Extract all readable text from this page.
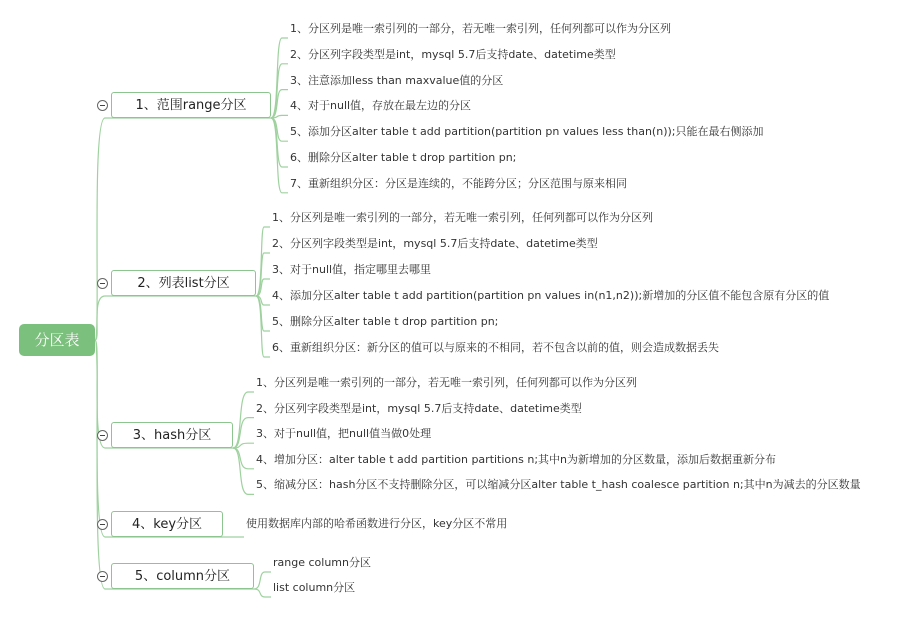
分区表
1、范围range分区
1、分区列是唯一索引列的一部分，若无唯一索引列，任何列都可以作为分区列
2、分区列字段类型是int，mysql 5.7后支持date、datetime类型
3、注意添加less than maxvalue值的分区
4、对于null值，存放在最左边的分区
5、添加分区alter table t add partition(partition pn values less than(n));只能在最右侧添加
6、删除分区alter table t drop partition pn;
7、重新组织分区：分区是连续的，不能跨分区；分区范围与原来相同
2、列表list分区
1、分区列是唯一索引列的一部分，若无唯一索引列，任何列都可以作为分区列
2、分区列字段类型是int，mysql 5.7后支持date、datetime类型
3、对于null值，指定哪里去哪里
4、添加分区alter table t add partition(partition pn values in(n1,n2));新增加的分区值不能包含原有分区的值
5、删除分区alter table t drop partition pn;
6、重新组织分区：新分区的值可以与原来的不相同，若不包含以前的值，则会造成数据丢失
3、hash分区
1、分区列是唯一索引列的一部分，若无唯一索引列，任何列都可以作为分区列
2、分区列字段类型是int，mysql 5.7后支持date、datetime类型
3、对于null值，把null值当做0处理
4、增加分区：alter table t add partition partitions n;其中n为新增加的分区数量，添加后数据重新分布
5、缩减分区：hash分区不支持删除分区，可以缩减分区alter table t_hash coalesce partition n;其中n为减去的分区数量
4、key分区	使用数据库内部的哈希函数进行分区，key分区不常用
5、column分区
range column分区
list column分区
